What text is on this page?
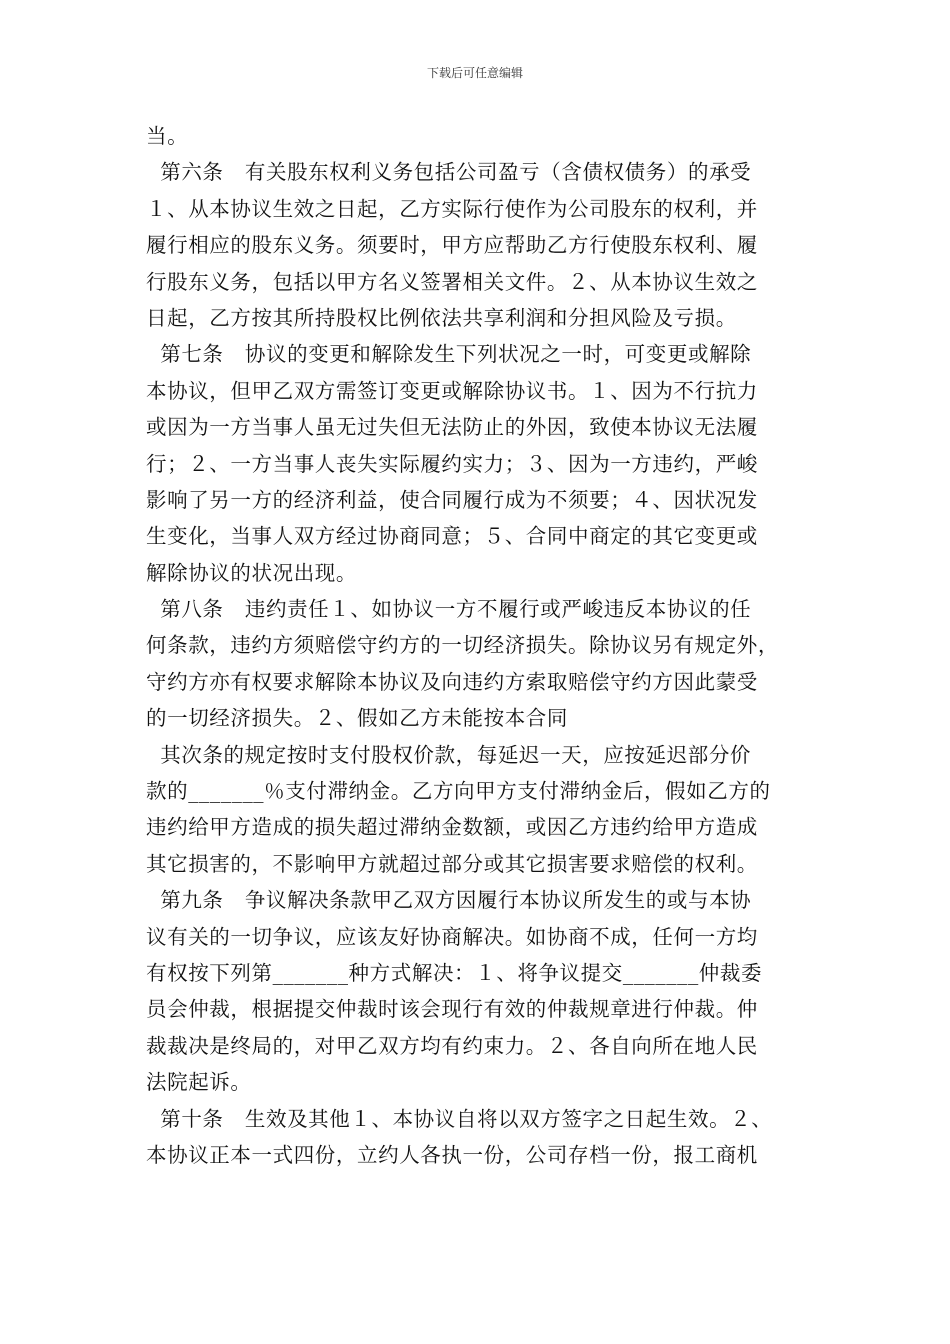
下载后可任意编辑
当。
第六条   有关股东权利义务包括公司盈亏（含债权债务）的承受
１、从本协议生效之日起，乙方实际行使作为公司股东的权利，并
履行相应的股东义务。须要时，甲方应帮助乙方行使股东权利、履
行股东义务，包括以甲方名义签署相关文件。２、从本协议生效之
日起，乙方按其所持股权比例依法共享利润和分担风险及亏损。
第七条   协议的变更和解除发生下列状况之一时，可变更或解除
本协议，但甲乙双方需签订变更或解除协议书。１、因为不行抗力
或因为一方当事人虽无过失但无法防止的外因，致使本协议无法履
行；２、一方当事人丧失实际履约实力；３、因为一方违约，严峻
影响了另一方的经济利益，使合同履行成为不须要；４、因状况发
生变化，当事人双方经过协商同意；５、合同中商定的其它变更或
解除协议的状况出现。
第八条   违约责任１、如协议一方不履行或严峻违反本协议的任
何条款，违约方须赔偿守约方的一切经济损失。除协议另有规定外，
守约方亦有权要求解除本协议及向违约方索取赔偿守约方因此蒙受
的一切经济损失。２、假如乙方未能按本合同
其次条的规定按时支付股权价款，每延迟一天，应按延迟部分价
款的_______％支付滞纳金。乙方向甲方支付滞纳金后，假如乙方的
违约给甲方造成的损失超过滞纳金数额，或因乙方违约给甲方造成
其它损害的，不影响甲方就超过部分或其它损害要求赔偿的权利。
第九条   争议解决条款甲乙双方因履行本协议所发生的或与本协
议有关的一切争议，应该友好协商解决。如协商不成，任何一方均
有权按下列第_______种方式解决：１、将争议提交_______仲裁委
员会仲裁，根据提交仲裁时该会现行有效的仲裁规章进行仲裁。仲
裁裁决是终局的，对甲乙双方均有约束力。２、各自向所在地人民
法院起诉。
第十条   生效及其他１、本协议自将以双方签字之日起生效。２、
本协议正本一式四份，立约人各执一份，公司存档一份，报工商机
